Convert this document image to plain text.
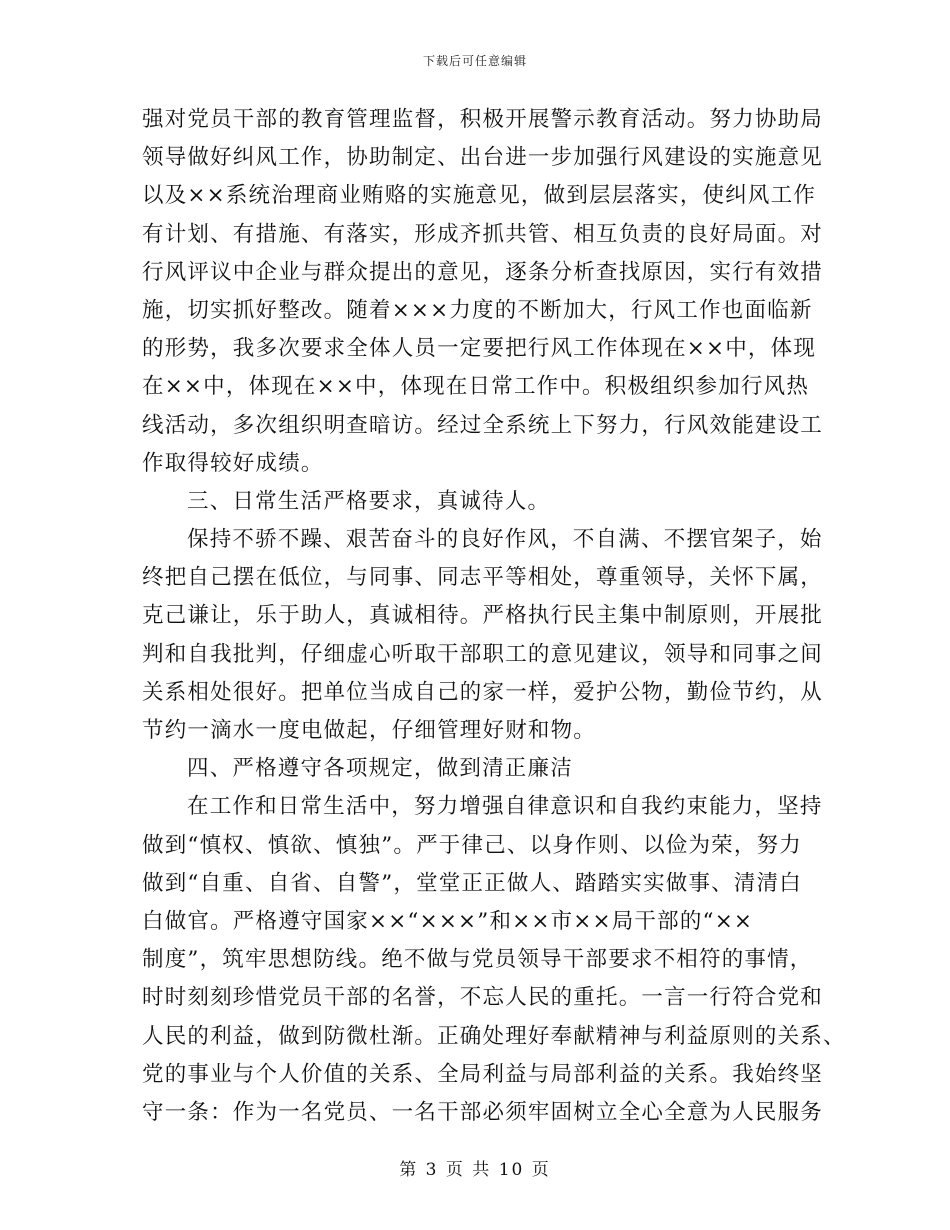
下载后可任意编辑
强对党员干部的教育管理监督，积极开展警示教育活动。努力协助局
领导做好纠风工作，协助制定、出台进一步加强行风建设的实施意见
以及××系统治理商业贿赂的实施意见，做到层层落实，使纠风工作
有计划、有措施、有落实，形成齐抓共管、相互负责的良好局面。对
行风评议中企业与群众提出的意见，逐条分析查找原因，实行有效措
施，切实抓好整改。随着×××力度的不断加大，行风工作也面临新
的形势，我多次要求全体人员一定要把行风工作体现在××中，体现
在××中，体现在××中，体现在日常工作中。积极组织参加行风热
线活动，多次组织明查暗访。经过全系统上下努力，行风效能建设工
作取得较好成绩。
三、日常生活严格要求，真诚待人。
保持不骄不躁、艰苦奋斗的良好作风，不自满、不摆官架子，始
终把自己摆在低位，与同事、同志平等相处，尊重领导，关怀下属，
克己谦让，乐于助人，真诚相待。严格执行民主集中制原则，开展批
判和自我批判，仔细虚心听取干部职工的意见建议，领导和同事之间
关系相处很好。把单位当成自己的家一样，爱护公物，勤俭节约，从
节约一滴水一度电做起，仔细管理好财和物。
四、严格遵守各项规定，做到清正廉洁
在工作和日常生活中，努力增强自律意识和自我约束能力，坚持
做到“慎权、慎欲、慎独”。严于律己、以身作则、以俭为荣，努力
做到“自重、自省、自警”，堂堂正正做人、踏踏实实做事、清清白
白做官。严格遵守国家××“×××”和××市××局干部的“××
制度”，筑牢思想防线。绝不做与党员领导干部要求不相符的事情，
时时刻刻珍惜党员干部的名誉，不忘人民的重托。一言一行符合党和
人民的利益，做到防微杜渐。正确处理好奉献精神与利益原则的关系、
党的事业与个人价值的关系、全局利益与局部利益的关系。我始终坚
守一条：作为一名党员、一名干部必须牢固树立全心全意为人民服务
第 3 页 共 10 页
